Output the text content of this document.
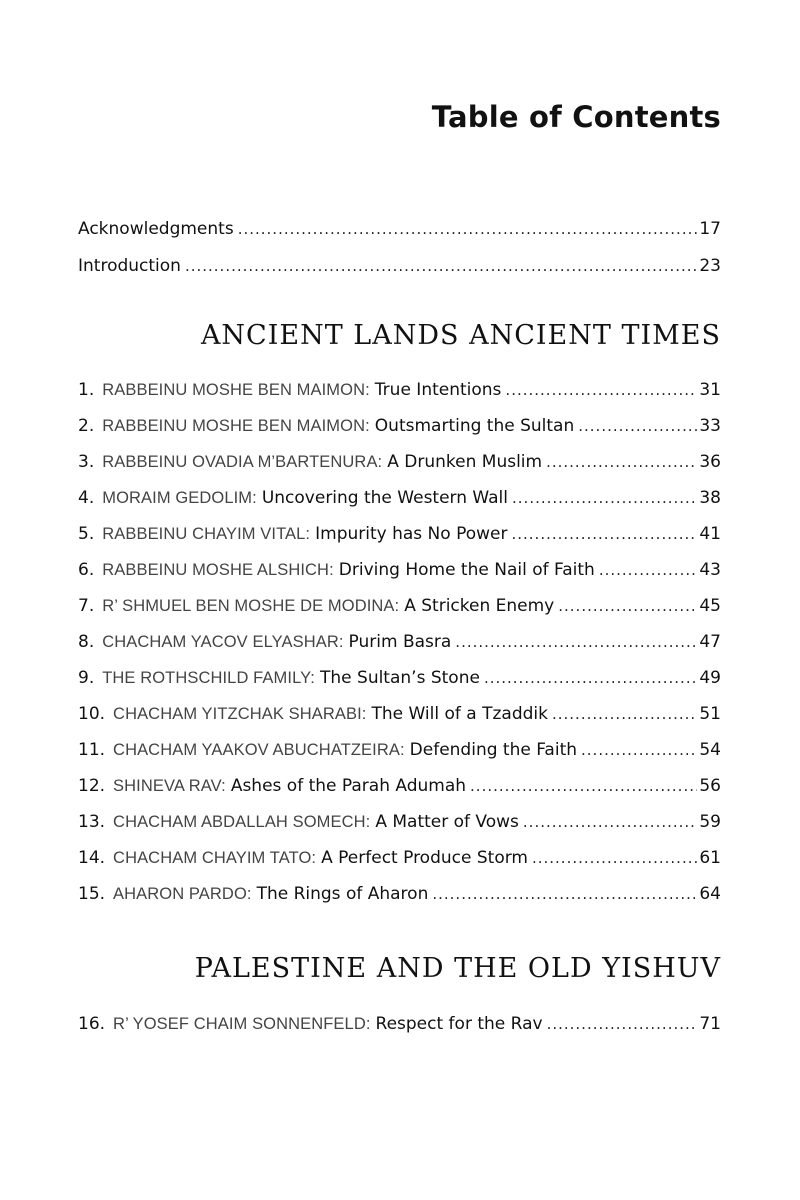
Table of Contents
Acknowledgments .....	17
Introduction .....	23
ANCIENT LANDS ANCIENT TIMES
1. RABBEINU MOSHE BEN MAIMON: True Intentions .....	31
2. RABBEINU MOSHE BEN MAIMON: Outsmarting the Sultan .....	33
3. RABBEINU OVADIA M’BARTENURA: A Drunken Muslim .....	36
4. MORAIM GEDOLIM: Uncovering the Western Wall .....	38
5. RABBEINU CHAYIM VITAL: Impurity has No Power .....	41
6. RABBEINU MOSHE ALSHICH: Driving Home the Nail of Faith .....	43
7. R’ SHMUEL BEN MOSHE DE MODINA: A Stricken Enemy .....	45
8. CHACHAM YACOV ELYASHAR: Purim Basra .....	47
9. THE ROTHSCHILD FAMILY: The Sultan’s Stone .....	49
10. CHACHAM YITZCHAK SHARABI: The Will of a Tzaddik .....	51
11. CHACHAM YAAKOV ABUCHATZEIRA: Defending the Faith .....	54
12. SHINEVA RAV: Ashes of the Parah Adumah .....	56
13. CHACHAM ABDALLAH SOMECH: A Matter of Vows .....	59
14. CHACHAM CHAYIM TATO: A Perfect Produce Storm .....	61
15. AHARON PARDO: The Rings of Aharon .....	64
PALESTINE AND THE OLD YISHUV
16. R’ YOSEF CHAIM SONNENFELD: Respect for the Rav .....	71
